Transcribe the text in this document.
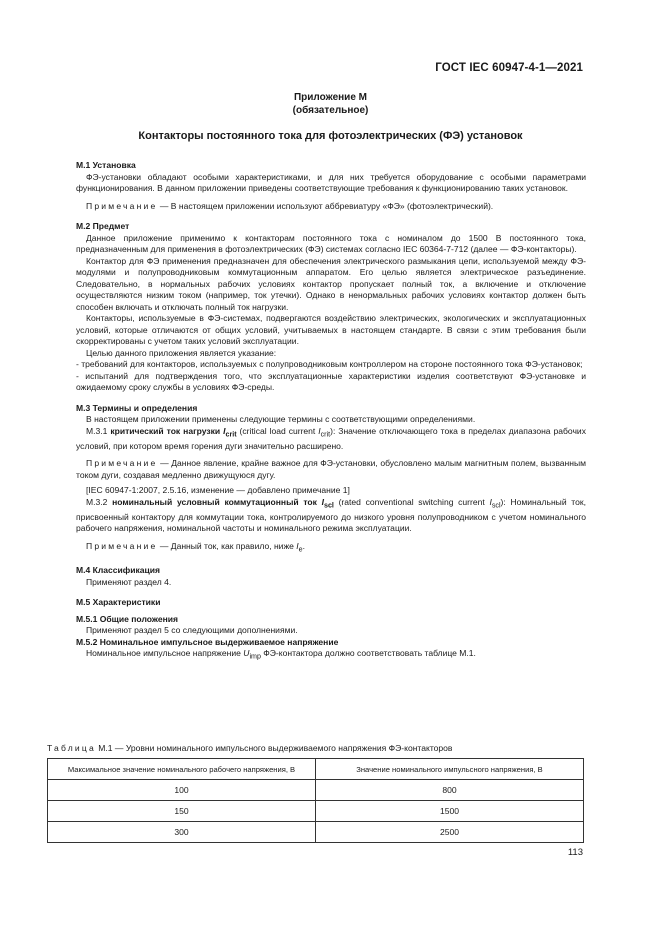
ГОСТ IEC 60947-4-1—2021
Приложение М
(обязательное)
Контакторы постоянного тока для фотоэлектрических (ФЭ) установок
М.1 Установка

ФЭ-установки обладают особыми характеристиками, и для них требуется оборудование с особыми параметрами функционирования. В данном приложении приведены соответствующие требования к функционированию таких установок.

Примечание — В настоящем приложении используют аббревиатуру «ФЭ» (фотоэлектрический).

М.2 Предмет

Данное приложение применимо к контакторам постоянного тока с номиналом до 1500 В постоянного тока, предназначенным для применения в фотоэлектрических (ФЭ) системах согласно IEC 60364-7-712 (далее — ФЭ-контакторы).

Контактор для ФЭ применения предназначен для обеспечения электрического размыкания цепи, используемой между ФЭ-модулями и полупроводниковым коммутационным аппаратом. Его целью является электрическое разъединение. Следовательно, в нормальных рабочих условиях контактор пропускает полный ток, а включение и отключение осуществляются низким током (например, ток утечки). Однако в ненормальных рабочих условиях контактор должен быть способен включать и отключать полный ток нагрузки.

Контакторы, используемые в ФЭ-системах, подвергаются воздействию электрических, экологических и эксплуатационных условий, которые отличаются от общих условий, учитываемых в настоящем стандарте. В связи с этим требования были скорректированы с учетом таких условий эксплуатации.

Целью данного приложения является указание:

- требований для контакторов, используемых с полупроводниковым контроллером на стороне постоянного тока ФЭ-установок;

- испытаний для подтверждения того, что эксплуатационные характеристики изделия соответствуют ФЭ-установке и ожидаемому сроку службы в условиях ФЭ-среды.

М.3 Термины и определения

В настоящем приложении применены следующие термины с соответствующими определениями.

М.3.1 критический ток нагрузки $I_{crit}$ (critical load current $I_{crit}$): Значение отключающего тока в пределах диапазона рабочих условий, при котором время горения дуги значительно расширено.

Примечание — Данное явление, крайне важное для ФЭ-установки, обусловлено малым магнитным полем, вызванным током дуги, создавая медленно движущуюся дугу.

[IEC 60947-1:2007, 2.5.16, изменение — добавлено примечание 1]

М.3.2 номинальный условный коммутационный ток $I_{scl}$ (rated conventional switching current $I_{scl}$): Номинальный ток, присвоенный контактору для коммутации тока, контролируемого до низкого уровня полупроводником с учетом номинального рабочего напряжения, номинальной частоты и номинального режима эксплуатации.

Примечание — Данный ток, как правило, ниже $I_e$.

М.4 Классификация

Применяют раздел 4.

М.5 Характеристики
М.5.1 Общие положения

Применяют раздел 5 со следующими дополнениями.

М.5.2 Номинальное импульсное выдерживаемое напряжение

Номинальное импульсное напряжение $U_{imp}$ ФЭ-контактора должно соответствовать таблице М.1.

Таблица М.1 — Уровни номинального импульсного выдерживаемого напряжения ФЭ-контакторов
Максимальное значение номинального рабочего напряжения, В	Значение номинального импульсного напряжения, В
100	800
150	1500
300	2500
113
